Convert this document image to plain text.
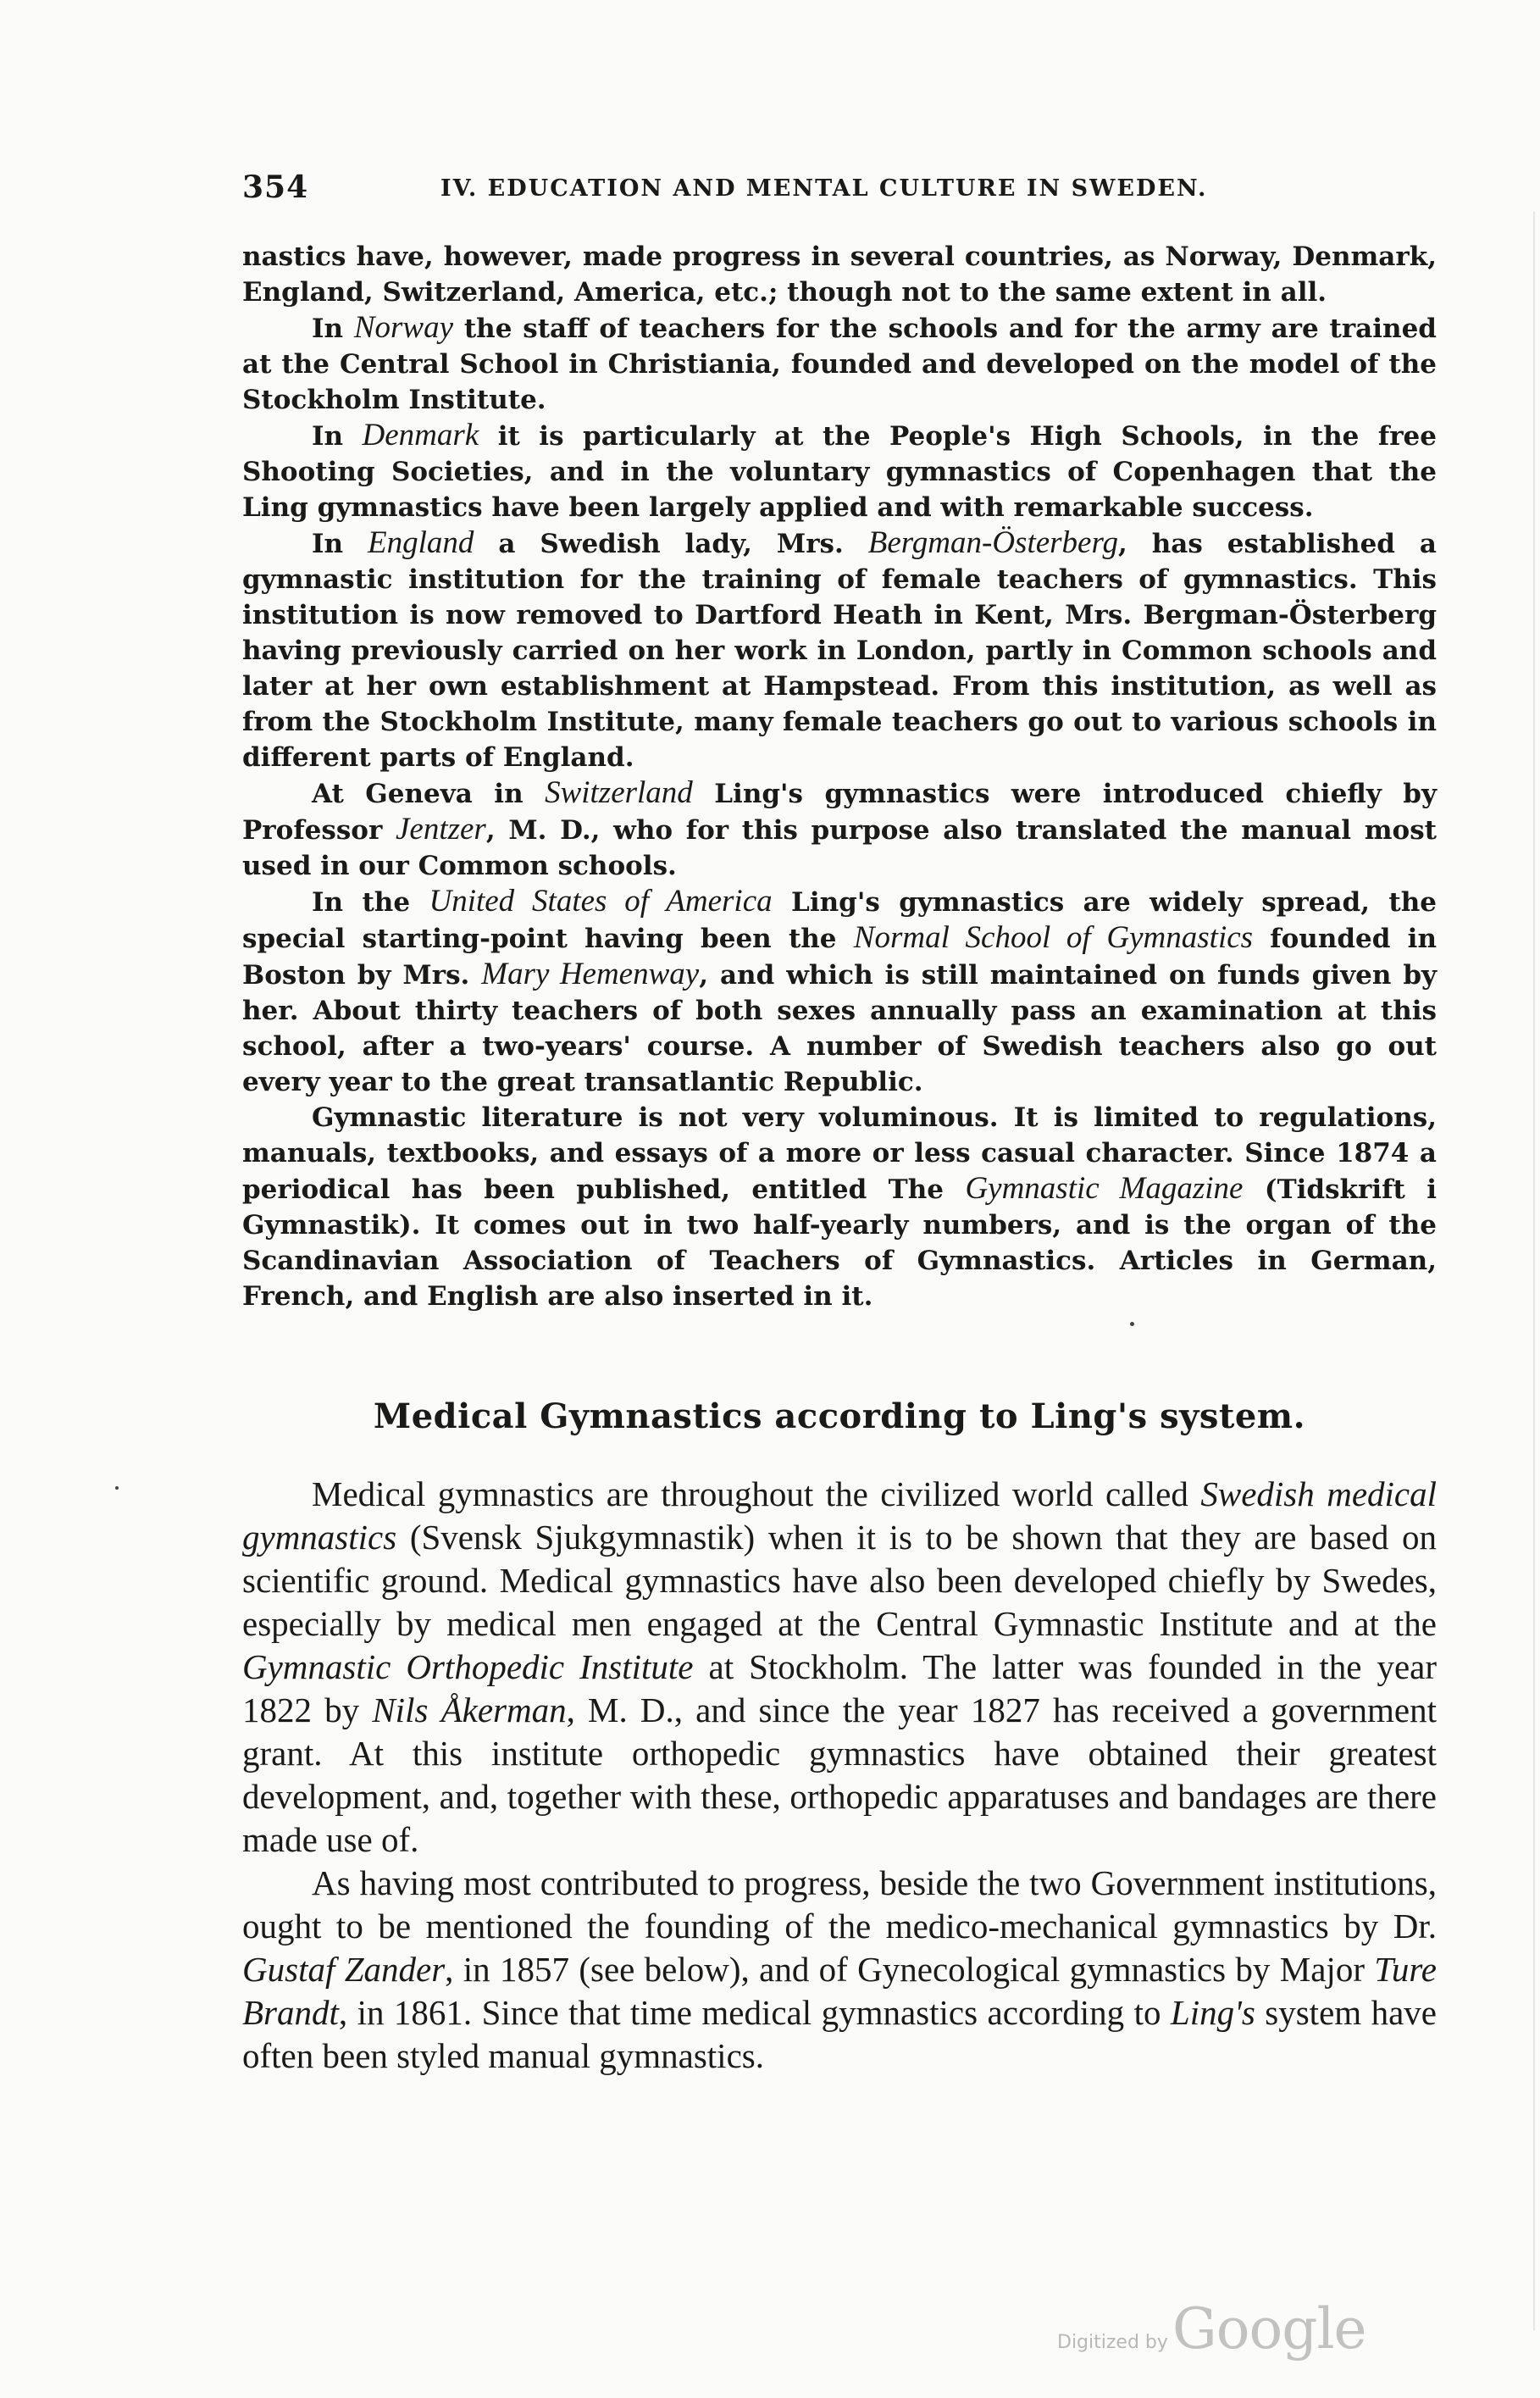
354	IV. EDUCATION AND MENTAL CULTURE IN SWEDEN.

nastics have, however, made progress in several countries, as Norway, Denmark, England, Switzerland, America, etc.; though not to the same extent in all.

In Norway the staff of teachers for the schools and for the army are trained at the Central School in Christiania, founded and developed on the model of the Stockholm Institute.

In Denmark it is particularly at the People's High Schools, in the free Shooting Societies, and in the voluntary gymnastics of Copenhagen that the Ling gymnastics have been largely applied and with remarkable success.

In England a Swedish lady, Mrs. Bergman-Österberg, has established a gymnastic institution for the training of female teachers of gymnastics. This institution is now removed to Dartford Heath in Kent, Mrs. Bergman-Österberg having previously carried on her work in London, partly in Common schools and later at her own establishment at Hampstead. From this institution, as well as from the Stockholm Institute, many female teachers go out to various schools in different parts of England.

At Geneva in Switzerland Ling's gymnastics were introduced chiefly by Professor Jentzer, M. D., who for this purpose also translated the manual most used in our Common schools.

In the United States of America Ling's gymnastics are widely spread, the special starting-point having been the Normal School of Gymnastics founded in Boston by Mrs. Mary Hemenway, and which is still maintained on funds given by her. About thirty teachers of both sexes annually pass an examination at this school, after a two-years' course. A number of Swedish teachers also go out every year to the great transatlantic Republic.

Gymnastic literature is not very voluminous. It is limited to regulations, manuals, textbooks, and essays of a more or less casual character. Since 1874 a periodical has been published, entitled The Gymnastic Magazine (Tidskrift i Gymnastik). It comes out in two half-yearly numbers, and is the organ of the Scandinavian Association of Teachers of Gymnastics. Articles in German, French, and English are also inserted in it.

Medical Gymnastics according to Ling's system.

Medical gymnastics are throughout the civilized world called Swedish medical gymnastics (Svensk Sjukgymnastik) when it is to be shown that they are based on scientific ground. Medical gymnastics have also been developed chiefly by Swedes, especially by medical men engaged at the Central Gymnastic Institute and at the Gymnastic Orthopedic Institute at Stockholm. The latter was founded in the year 1822 by Nils Åkerman, M. D., and since the year 1827 has received a government grant. At this institute orthopedic gymnastics have obtained their greatest development, and, together with these, orthopedic apparatuses and bandages are there made use of.

As having most contributed to progress, beside the two Government institutions, ought to be mentioned the founding of the medico-mechanical gymnastics by Dr. Gustaf Zander, in 1857 (see below), and of Gynecological gymnastics by Major Ture Brandt, in 1861. Since that time medical gymnastics according to Ling's system have often been styled manual gymnastics.

Digitized by Google
